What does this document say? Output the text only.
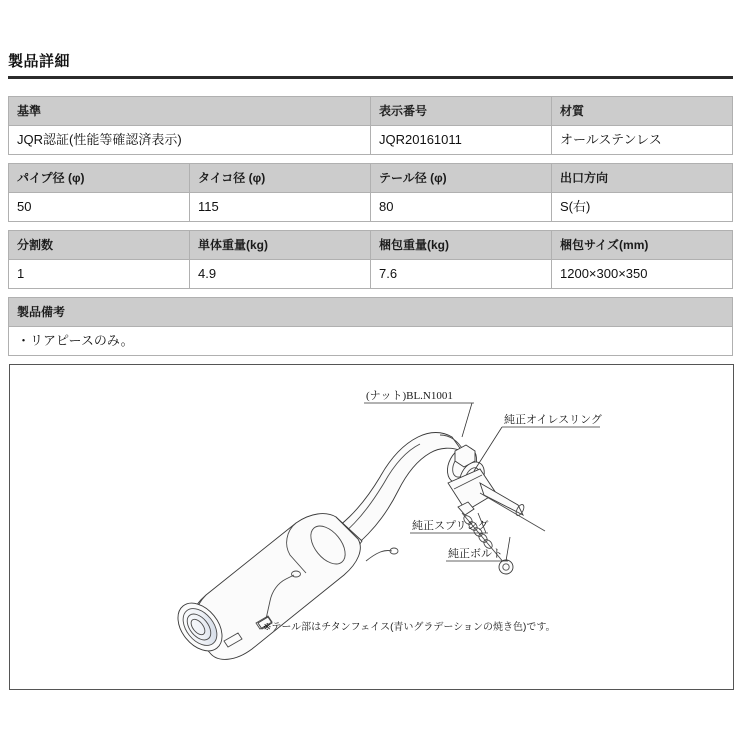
製品詳細
基準	表示番号	材質
JQR認証(性能等確認済表示)	JQR20161011	オールステンレス
パイプ径 (φ)	タイコ径 (φ)	テール径 (φ)	出口方向
50	115	80	S(右)
分割数	単体重量(kg)	梱包重量(kg)	梱包サイズ(mm)
1	4.9	7.6	1200×300×350
製品備考
・リアピースのみ。
(ナット)BL.N1001
純正オイレスリング
純正スプリング
純正ボルト
※テール部はチタンフェイス(青いグラデーションの焼き色)です。
